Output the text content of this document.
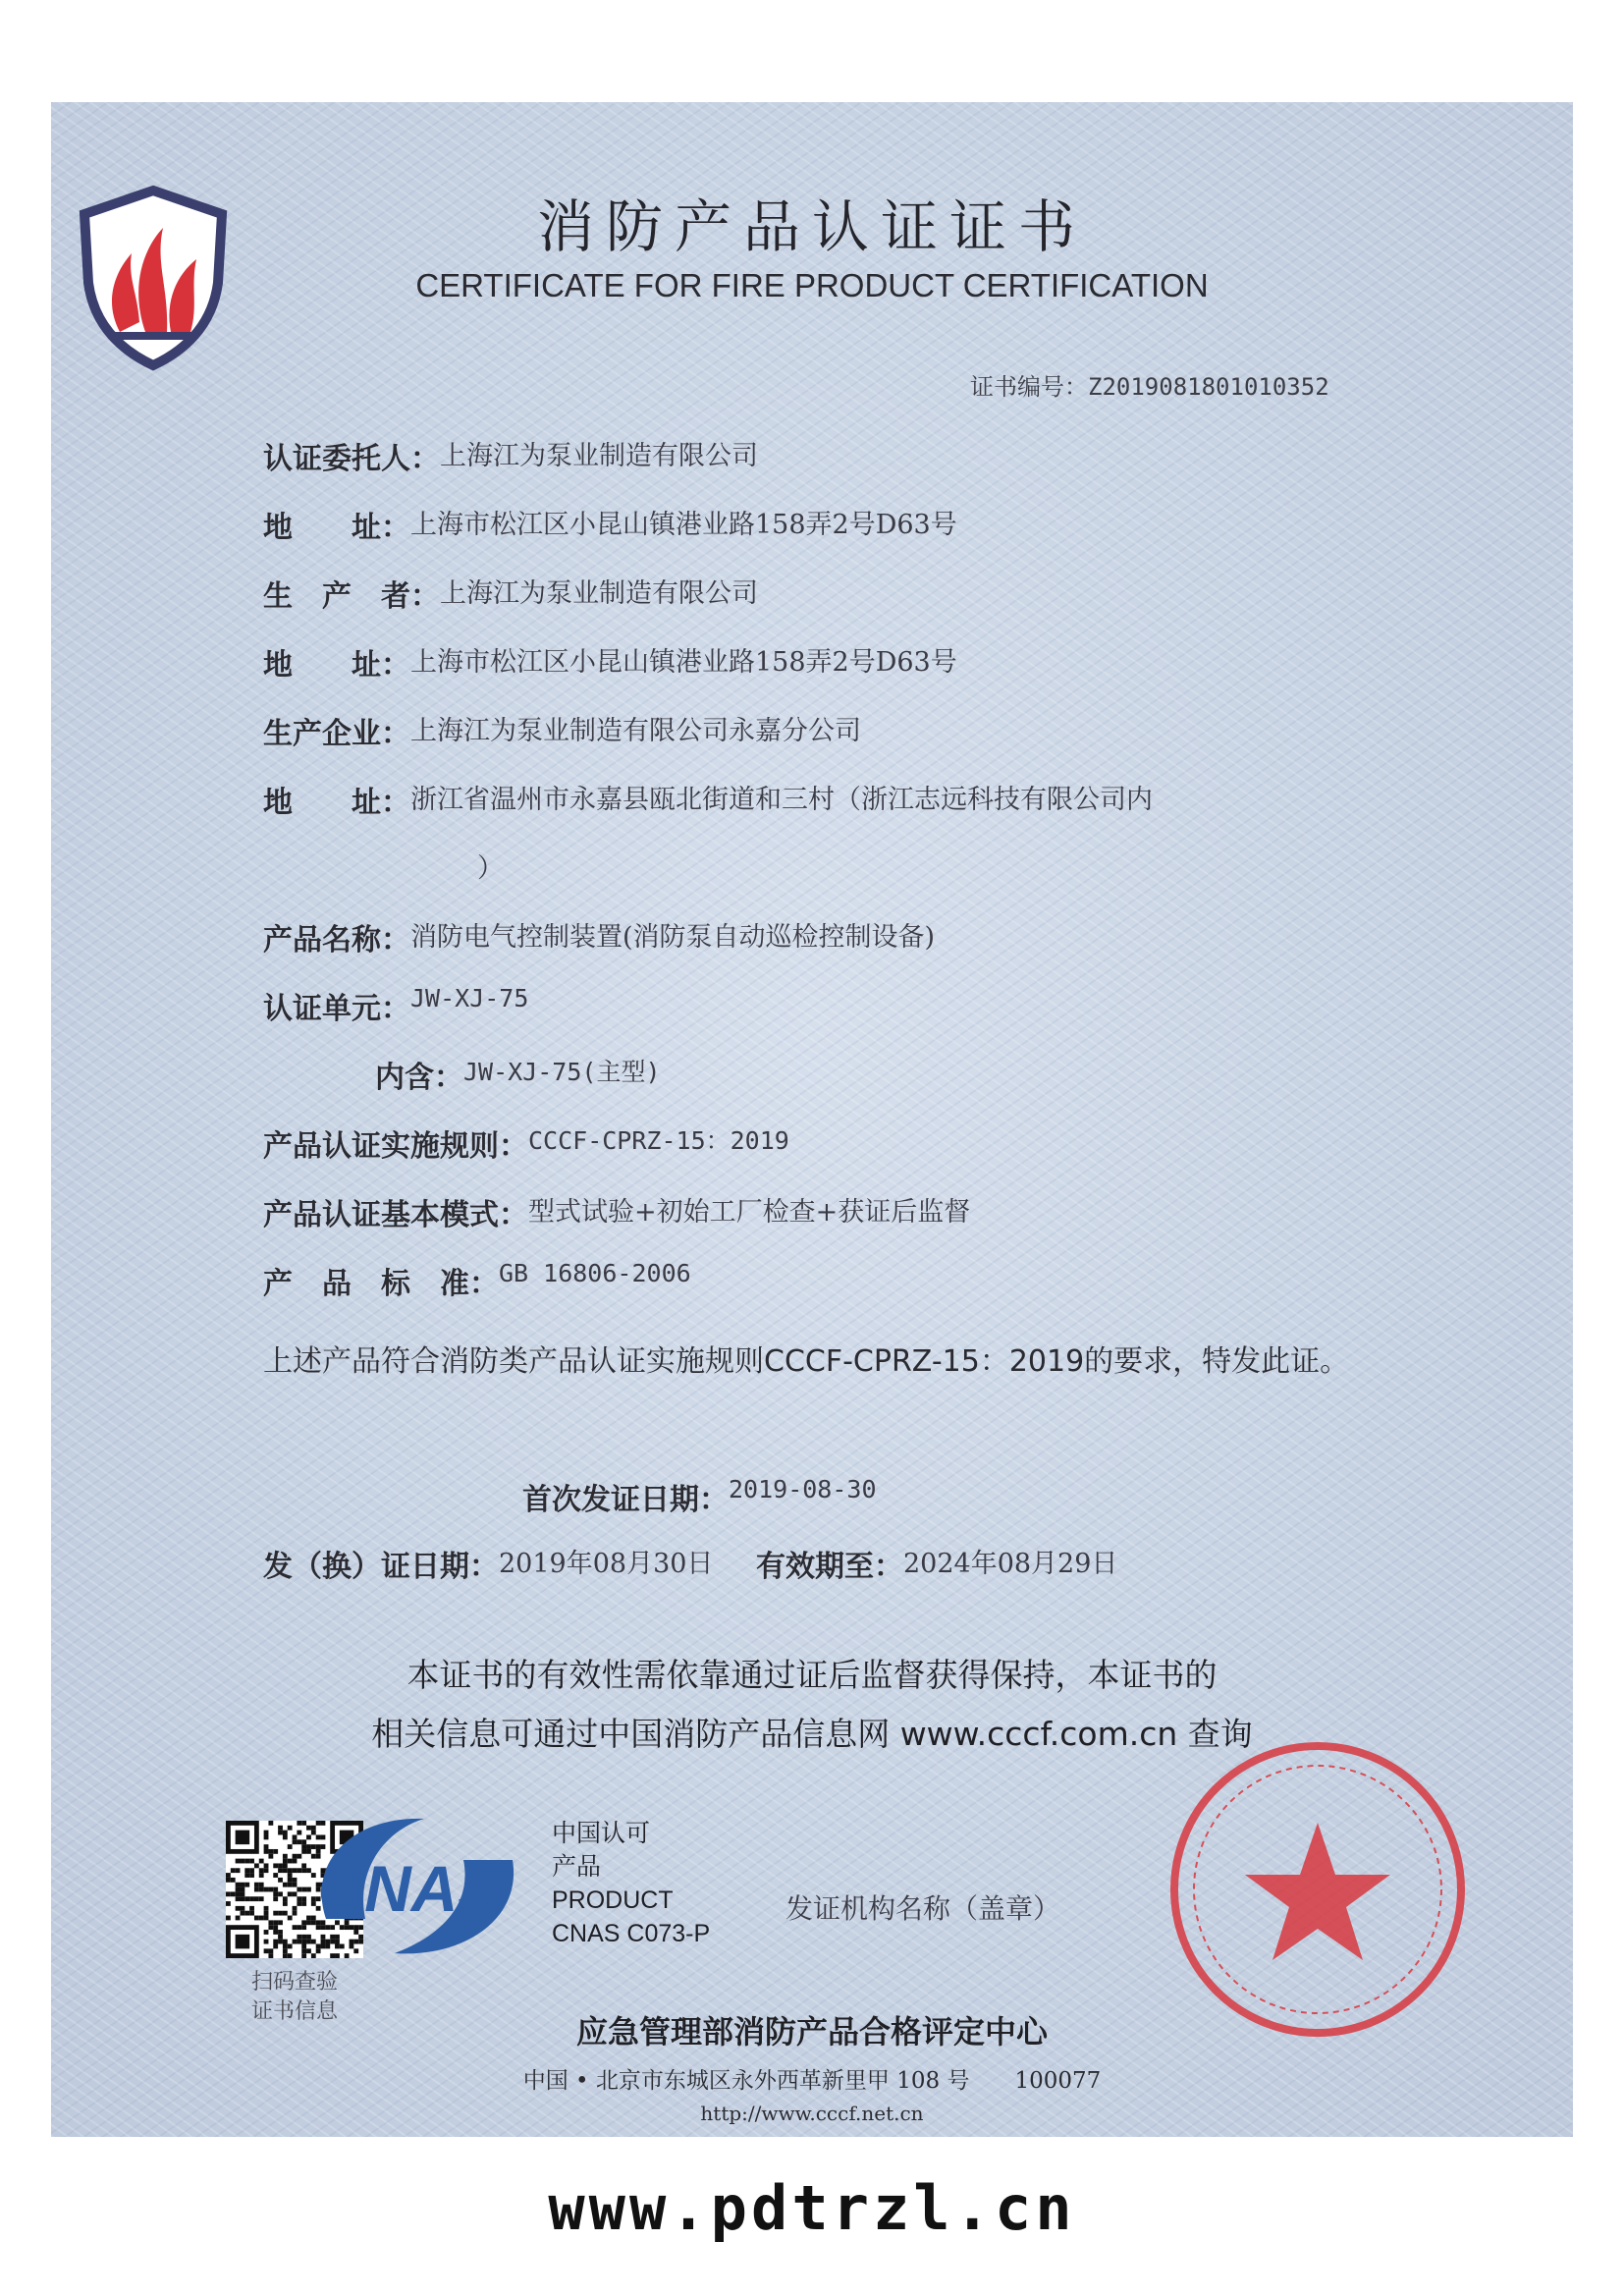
消防产品认证证书
CERTIFICATE FOR FIRE PRODUCT CERTIFICATION
证书编号：Z2019081801010352
认证委托人：上海江为泵业制造有限公司
地　　址：上海市松江区小昆山镇港业路158弄2号D63号
生　产　者：上海江为泵业制造有限公司
地　　址：上海市松江区小昆山镇港业路158弄2号D63号
生产企业：上海江为泵业制造有限公司永嘉分公司
地　　址：浙江省温州市永嘉县瓯北街道和三村（浙江志远科技有限公司内
）
产品名称：消防电气控制装置(消防泵自动巡检控制设备)
认证单元：JW-XJ-75
内含：JW-XJ-75(主型)
产品认证实施规则：CCCF-CPRZ-15：2019
产品认证基本模式：型式试验+初始工厂检查+获证后监督
产　品　标　准：GB 16806-2006
上述产品符合消防类产品认证实施规则CCCF-CPRZ-15：2019的要求，特发此证。
首次发证日期：2019-08-30
发（换）证日期：2019年08月30日 有效期至：2024年08月29日
本证书的有效性需依靠通过证后监督获得保持，本证书的
相关信息可通过中国消防产品信息网 www.cccf.com.cn 查询
扫码查验
证书信息
CNAS
中国认可
产品
PRODUCT
CNAS C073-P
发证机构名称（盖章）
应急管理部消防产品合格评定中心
中国 • 北京市东城区永外西革新里甲 108 号　　100077
http://www.cccf.net.cn
www.pdtrzl.cn
